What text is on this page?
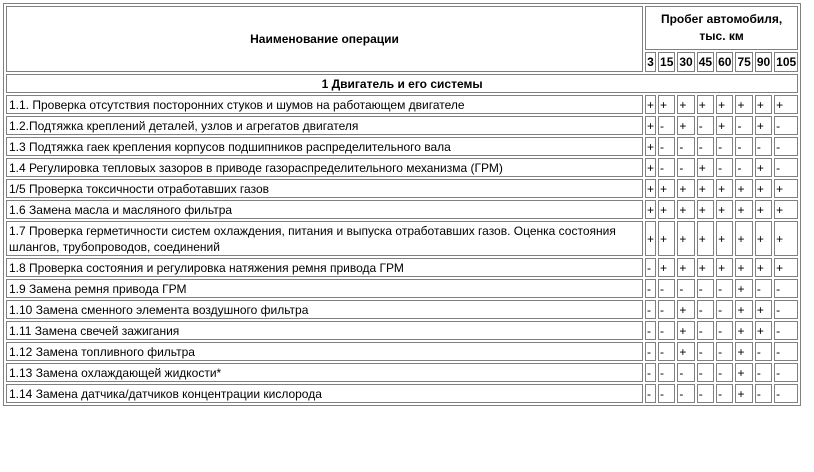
Наименование операции	Пробег автомобиля, тыс. км							
	3	15	30	45	60	75	90	105
1 Двигатель и его системы								
1.1. Проверка отсутствия посторонних стуков и шумов на работающем двигателе	+	+	+	+	+	+	+	+
1.2.Подтяжка креплений деталей, узлов и агрегатов двигателя	+	-	+	-	+	-	+	-
1.3 Подтяжка гаек крепления корпусов подшипников распределительного вала	+	-	-	-	-	-	-	-
1.4 Регулировка тепловых зазоров в приводе газораспределительного механизма (ГРМ)	+	-	-	+	-	-	+	-
1/5 Проверка токсичности отработавших газов	+	+	+	+	+	+	+	+
1.6 Замена масла и масляного фильтра	+	+	+	+	+	+	+	+
1.7 Проверка герметичности систем охлаждения, питания и выпуска отработавших газов. Оценка состояния шлангов, трубопроводов, соединений	+	+	+	+	+	+	+	+
1.8 Проверка состояния и регулировка натяжения ремня привода ГРМ	-	+	+	+	+	+	+	+
1.9 Замена ремня привода ГРМ	-	-	-	-	-	+	-	-
1.10 Замена сменного элемента воздушного фильтра	-	-	+	-	-	+	+	-
1.11 Замена свечей зажигания	-	-	+	-	-	+	+	-
1.12 Замена топливного фильтра	-	-	+	-	-	+	-	-
1.13 Замена охлаждающей жидкости*	-	-	-	-	-	+	-	-
1.14 Замена датчика/датчиков концентрации кислорода	-	-	-	-	-	+	-	-
